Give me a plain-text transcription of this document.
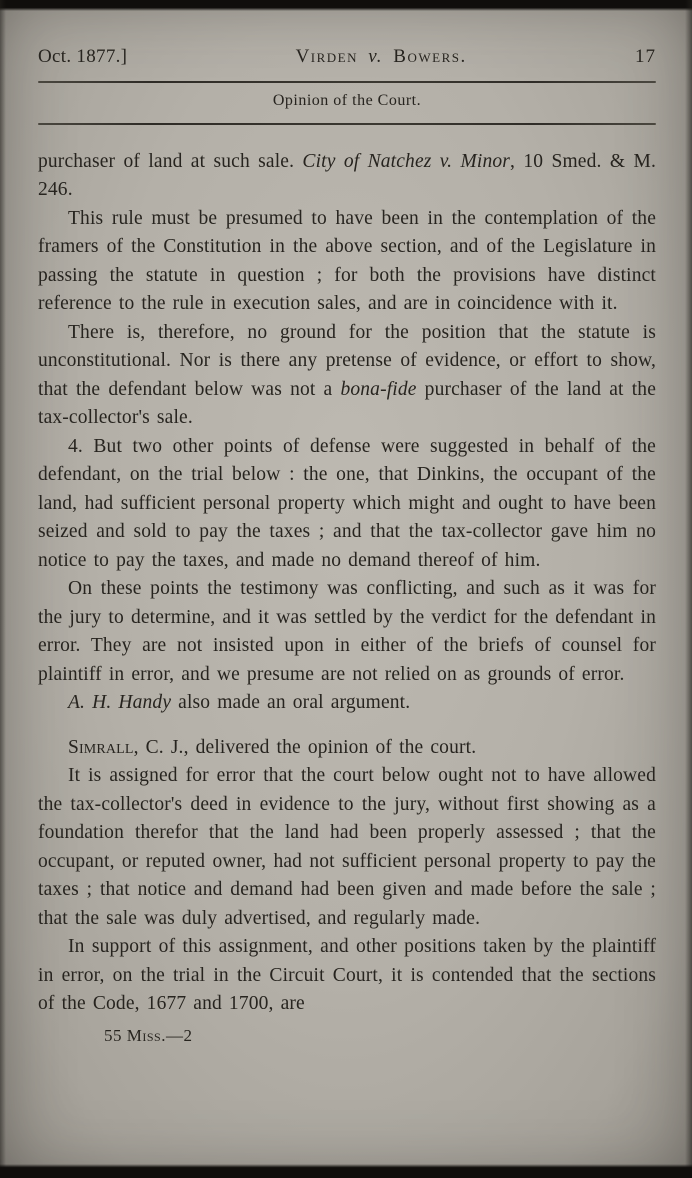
Oct. 1877.]	Virden v. Bowers.	17
Opinion of the Court.

purchaser of land at such sale. City of Natchez v. Minor, 10 Smed. & M. 246.

This rule must be presumed to have been in the contemplation of the framers of the Constitution in the above section, and of the Legislature in passing the statute in question ; for both the provisions have distinct reference to the rule in execution sales, and are in coincidence with it.

There is, therefore, no ground for the position that the statute is unconstitutional. Nor is there any pretense of evidence, or effort to show, that the defendant below was not a bona-fide purchaser of the land at the tax-collector's sale.

4. But two other points of defense were suggested in behalf of the defendant, on the trial below : the one, that Dinkins, the occupant of the land, had sufficient personal property which might and ought to have been seized and sold to pay the taxes ; and that the tax-collector gave him no notice to pay the taxes, and made no demand thereof of him.

On these points the testimony was conflicting, and such as it was for the jury to determine, and it was settled by the verdict for the defendant in error. They are not insisted upon in either of the briefs of counsel for plaintiff in error, and we presume are not relied on as grounds of error.

A. H. Handy also made an oral argument.

Simrall, C. J., delivered the opinion of the court.

It is assigned for error that the court below ought not to have allowed the tax-collector's deed in evidence to the jury, without first showing as a foundation therefor that the land had been properly assessed ; that the occupant, or reputed owner, had not sufficient personal property to pay the taxes ; that notice and demand had been given and made before the sale ; that the sale was duly advertised, and regularly made.

In support of this assignment, and other positions taken by the plaintiff in error, on the trial in the Circuit Court, it is contended that the sections of the Code, 1677 and 1700, are

55 Miss.—2
